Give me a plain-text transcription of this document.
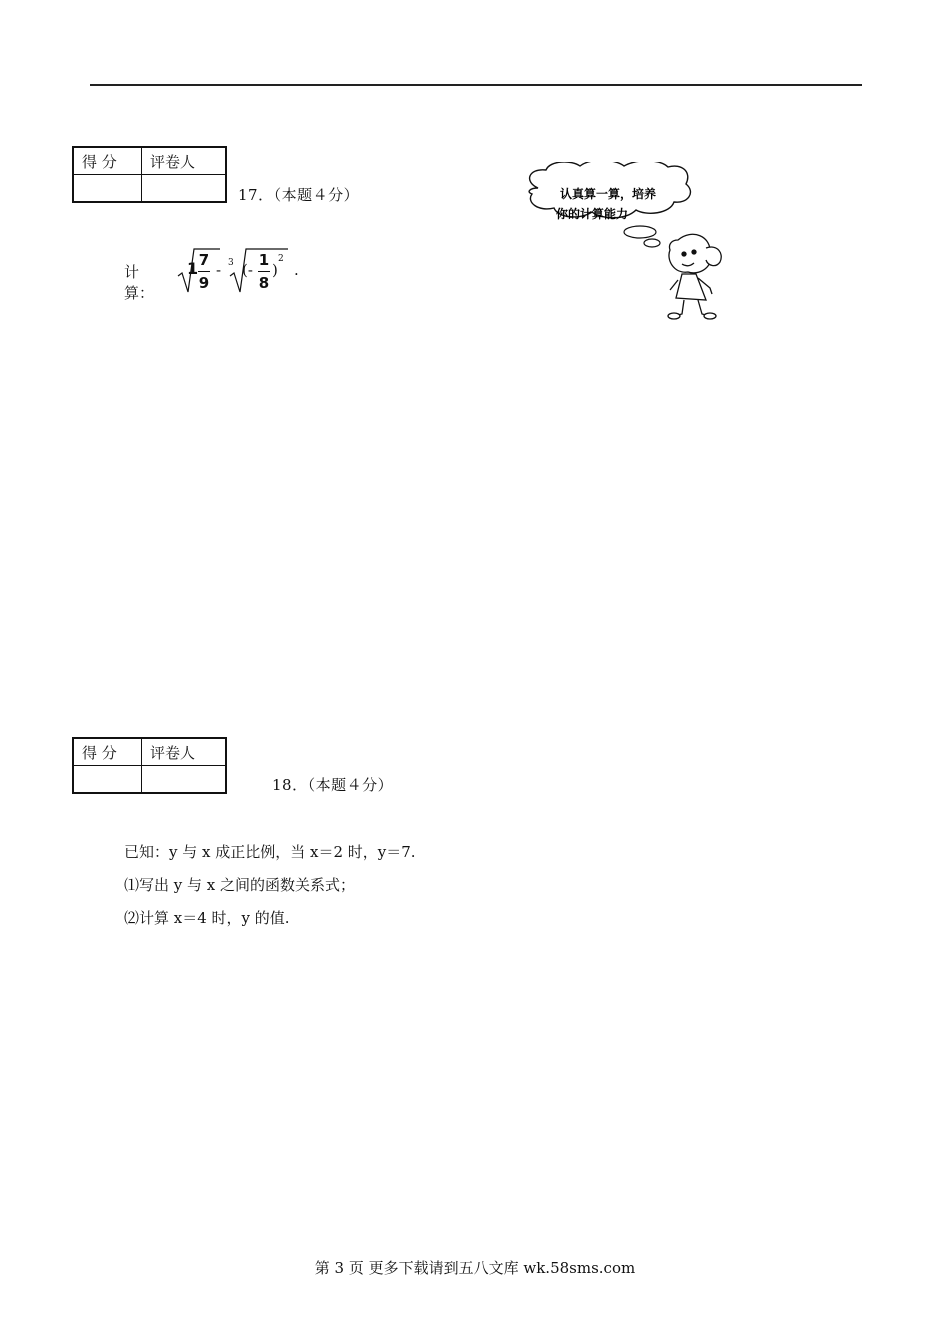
得 分	评卷人

17．（本题４分）
计算：
1 7
9
- 3 (-
1
8
)
2
.
认真算一算，培养
你的计算能力
得 分	评卷人

18．（本题４分）
已知：y 与 x 成正比例，当 x＝2 时，y＝7.
⑴写出 y 与 x 之间的函数关系式；
⑵计算 x＝4 时，y 的值.
第 3 页 更多下载请到五八文库 wk.58sms.com
